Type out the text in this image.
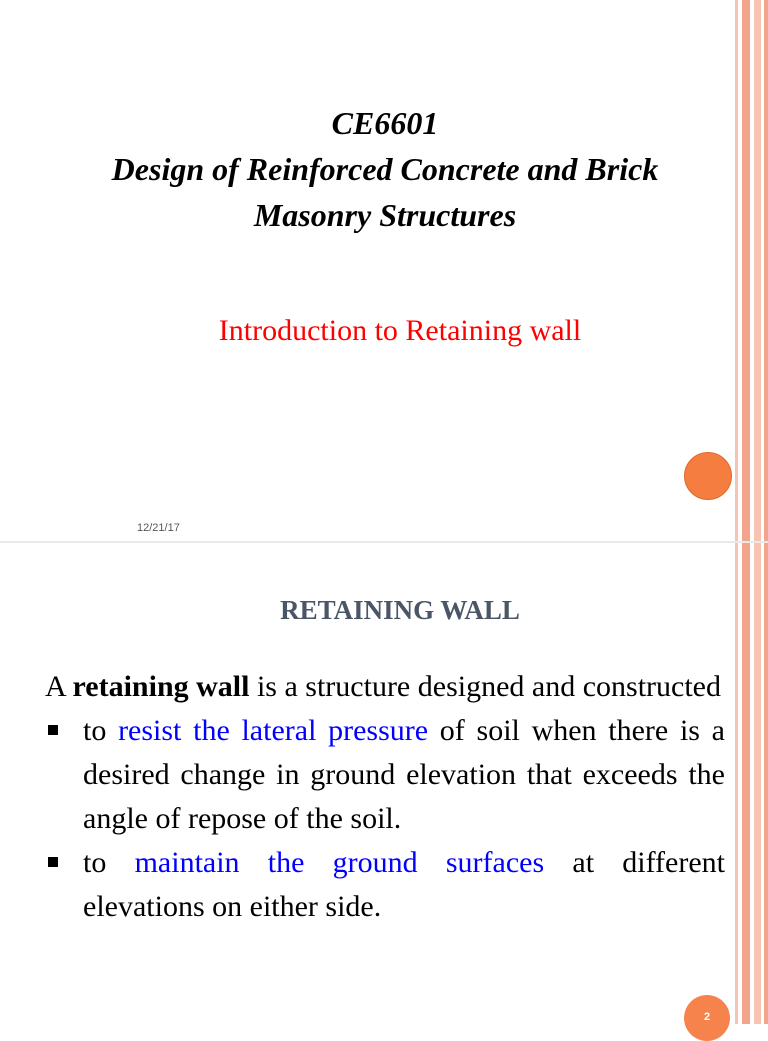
CE6601
Design of Reinforced Concrete and Brick
Masonry Structures
Introduction to Retaining wall
12/21/17
RETAINING WALL

A retaining wall is a structure designed and constructed

to resist the lateral pressure of soil when there is a desired change in ground elevation that exceeds the angle of repose of the soil.
to maintain the ground surfaces at different elevations on either side.
2
